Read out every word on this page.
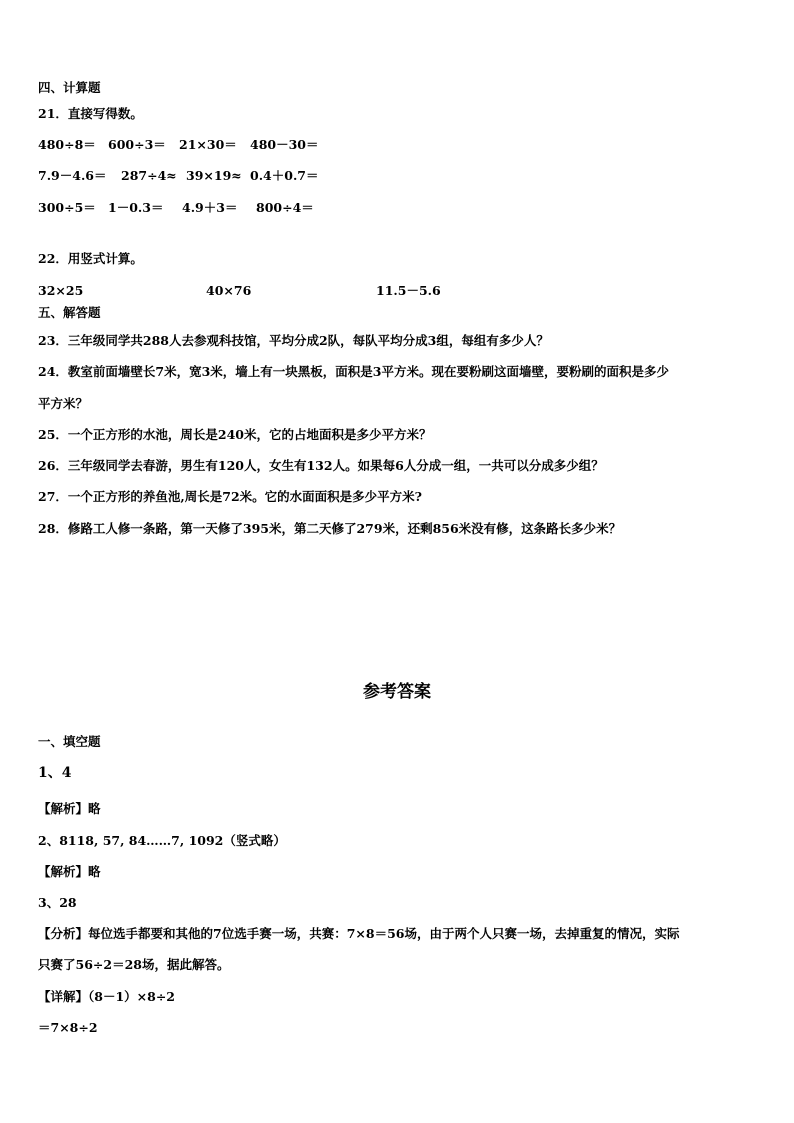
四、计算题
21．直接写得数。
480÷8＝ 600÷3＝ 21×30＝ 480－30＝
7.9－4.6＝ 287÷4≈ 39×19≈ 0.4＋0.7＝
300÷5＝ 1－0.3＝ 4.9＋3＝ 800÷4＝
22．用竖式计算。
32×25	40×76	11.5－5.6
五、解答题
23．三年级同学共288人去参观科技馆，平均分成2队，每队平均分成3组，每组有多少人？
24．教室前面墙壁长7米，宽3米，墙上有一块黑板，面积是3平方米。现在要粉刷这面墙壁，要粉刷的面积是多少
平方米？
25．一个正方形的水池，周长是240米，它的占地面积是多少平方米？
26．三年级同学去春游，男生有120人，女生有132人。如果每6人分成一组，一共可以分成多少组？
27．一个正方形的养鱼池,周长是72米。它的水面面积是多少平方米?
28．修路工人修一条路，第一天修了395米，第二天修了279米，还剩856米没有修，这条路长多少米？
参考答案
一、填空题
1、4
【解析】略
2、8118, 57, 84……7, 1092（竖式略）
【解析】略
3、28
【分析】每位选手都要和其他的7位选手赛一场，共赛：7×8＝56场，由于两个人只赛一场，去掉重复的情况，实际
只赛了56÷2＝28场，据此解答。
【详解】（8－1）×8÷2
＝7×8÷2
